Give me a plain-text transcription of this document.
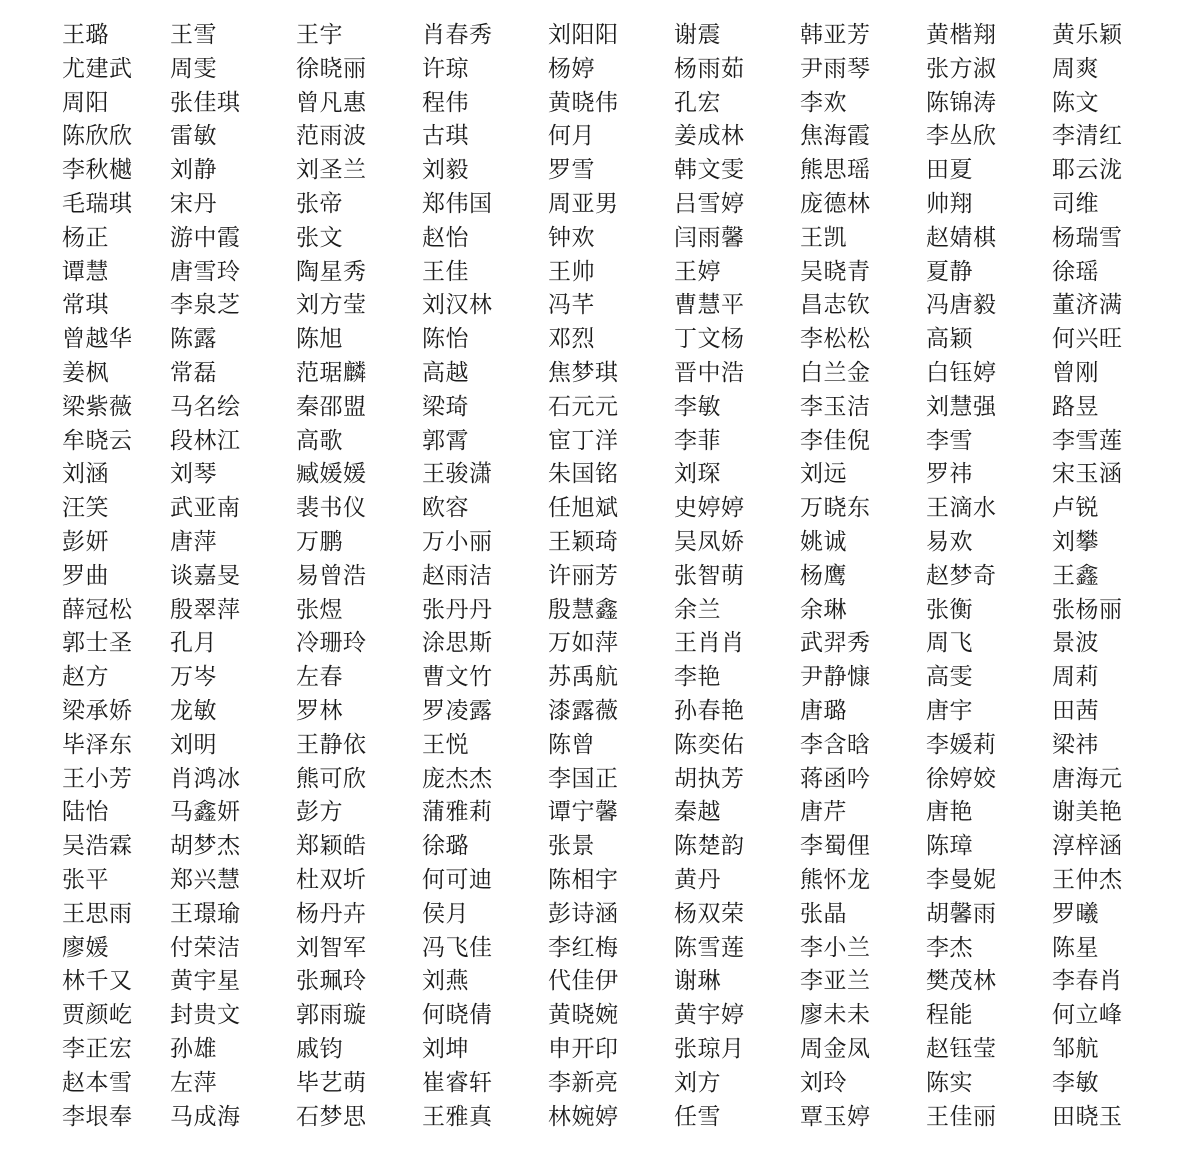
王璐	王雪	王宇	肖春秀	刘阳阳	谢震	韩亚芳	黄楷翔	黄乐颖
尤建武	周雯	徐晓丽	许琼	杨婷	杨雨茹	尹雨琴	张方淑	周爽
周阳	张佳琪	曾凡惠	程伟	黄晓伟	孔宏	李欢	陈锦涛	陈文
陈欣欣	雷敏	范雨波	古琪	何月	姜成林	焦海霞	李丛欣	李清红
李秋樾	刘静	刘圣兰	刘毅	罗雪	韩文雯	熊思瑶	田夏	耶云泷
毛瑞琪	宋丹	张帝	郑伟国	周亚男	吕雪婷	庞德林	帅翔	司维
杨正	游中霞	张文	赵怡	钟欢	闫雨馨	王凯	赵婧棋	杨瑞雪
谭慧	唐雪玲	陶星秀	王佳	王帅	王婷	吴晓青	夏静	徐瑶
常琪	李泉芝	刘方莹	刘汉林	冯芊	曹慧平	昌志钦	冯唐毅	董济满
曾越华	陈露	陈旭	陈怡	邓烈	丁文杨	李松松	高颖	何兴旺
姜枫	常磊	范琚麟	高越	焦梦琪	晋中浩	白兰金	白钰婷	曾刚
梁紫薇	马名绘	秦邵盟	梁琦	石元元	李敏	李玉洁	刘慧强	路昱
牟晓云	段林江	高歌	郭霄	宦丁洋	李菲	李佳倪	李雪	李雪莲
刘涵	刘琴	臧媛媛	王骏潇	朱国铭	刘琛	刘远	罗祎	宋玉涵
汪笑	武亚南	裴书仪	欧容	任旭斌	史婷婷	万晓东	王滴水	卢锐
彭妍	唐萍	万鹏	万小丽	王颖琦	吴凤娇	姚诚	易欢	刘攀
罗曲	谈嘉旻	易曾浩	赵雨洁	许丽芳	张智萌	杨鹰	赵梦奇	王鑫
薛冠松	殷翠萍	张煜	张丹丹	殷慧鑫	余兰	余琳	张衡	张杨丽
郭士圣	孔月	冷珊玲	涂思斯	万如萍	王肖肖	武羿秀	周飞	景波
赵方	万岑	左春	曹文竹	苏禹航	李艳	尹静慷	高雯	周莉
梁承娇	龙敏	罗林	罗凌露	漆露薇	孙春艳	唐璐	唐宇	田茜
毕泽东	刘明	王静依	王悦	陈曾	陈奕佑	李含晗	李媛莉	梁祎
王小芳	肖鸿冰	熊可欣	庞杰杰	李国正	胡执芳	蒋函吟	徐婷姣	唐海元
陆怡	马鑫妍	彭方	蒲雅莉	谭宁馨	秦越	唐芹	唐艳	谢美艳
吴浩霖	胡梦杰	郑颖皓	徐璐	张景	陈楚韵	李蜀俚	陈璋	淳梓涵
张平	郑兴慧	杜双圻	何可迪	陈相宇	黄丹	熊怀龙	李曼妮	王仲杰
王思雨	王璟瑜	杨丹卉	侯月	彭诗涵	杨双荣	张晶	胡馨雨	罗曦
廖媛	付荣洁	刘智军	冯飞佳	李红梅	陈雪莲	李小兰	李杰	陈星
林千又	黄宇星	张珮玲	刘燕	代佳伊	谢琳	李亚兰	樊茂林	李春肖
贾颜屹	封贵文	郭雨璇	何晓倩	黄晓婉	黄宇婷	廖未未	程能	何立峰
李正宏	孙雄	戚钧	刘坤	申开印	张琼月	周金凤	赵钰莹	邹航
赵本雪	左萍	毕艺萌	崔睿轩	李新亮	刘方	刘玲	陈实	李敏
李垠奉	马成海	石梦思	王雅真	林婉婷	任雪	覃玉婷	王佳丽	田晓玉
